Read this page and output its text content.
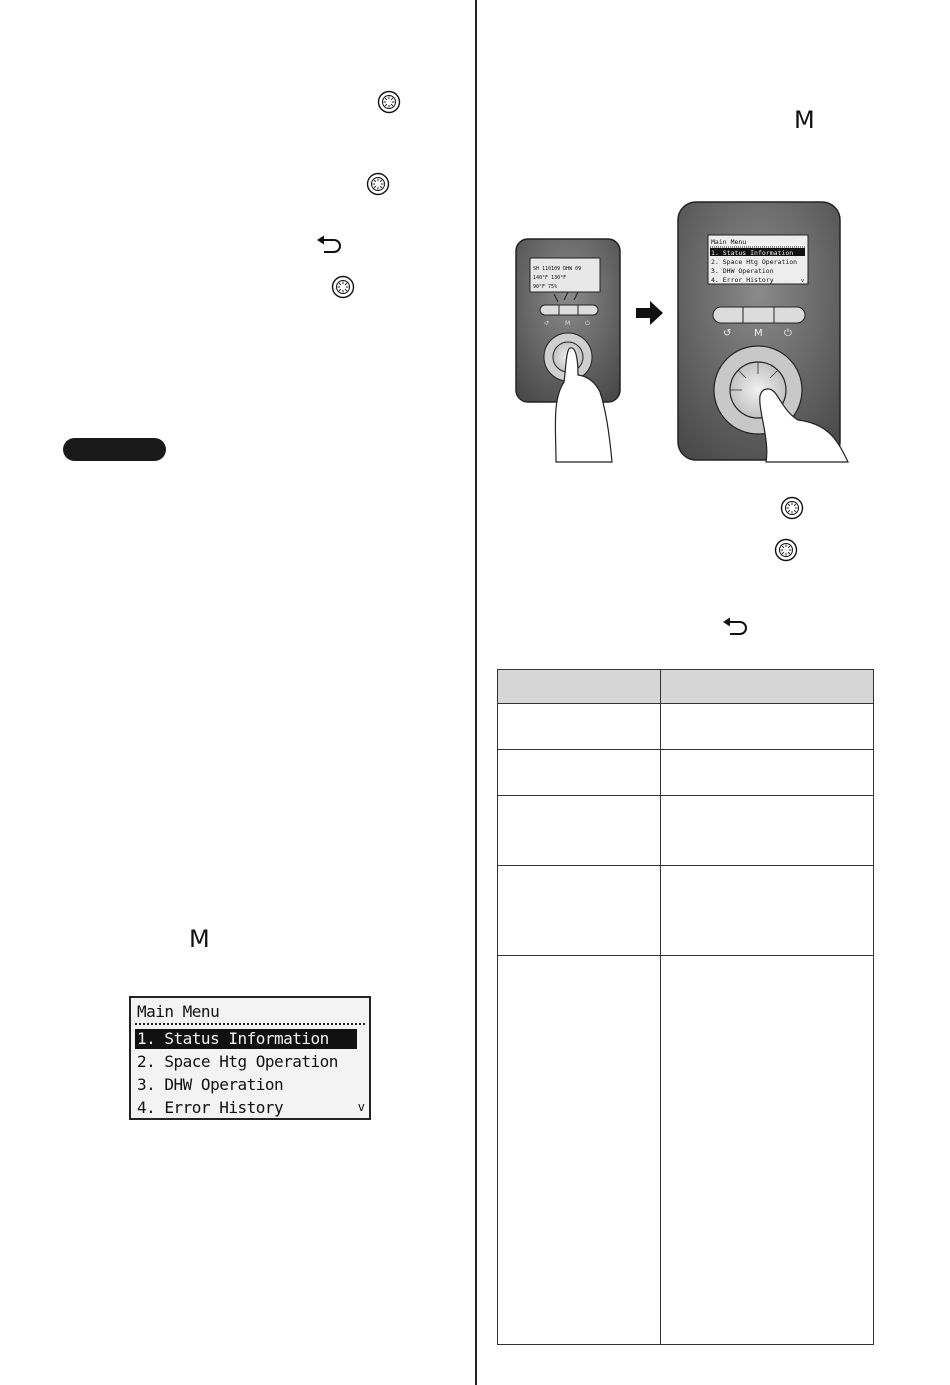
M
Main Menu
1. Status Information
2. Space Htg Operation
3. DHW Operation
4. Error History	v
M
SH 110109 DHW 09
140°F 130°F
90°F 75%
↺	M ⏻
Main Menu
1. Status Information
2. Space Htg Operation
3. DHW Operation
4. Error History	v
↺ M ⏻
